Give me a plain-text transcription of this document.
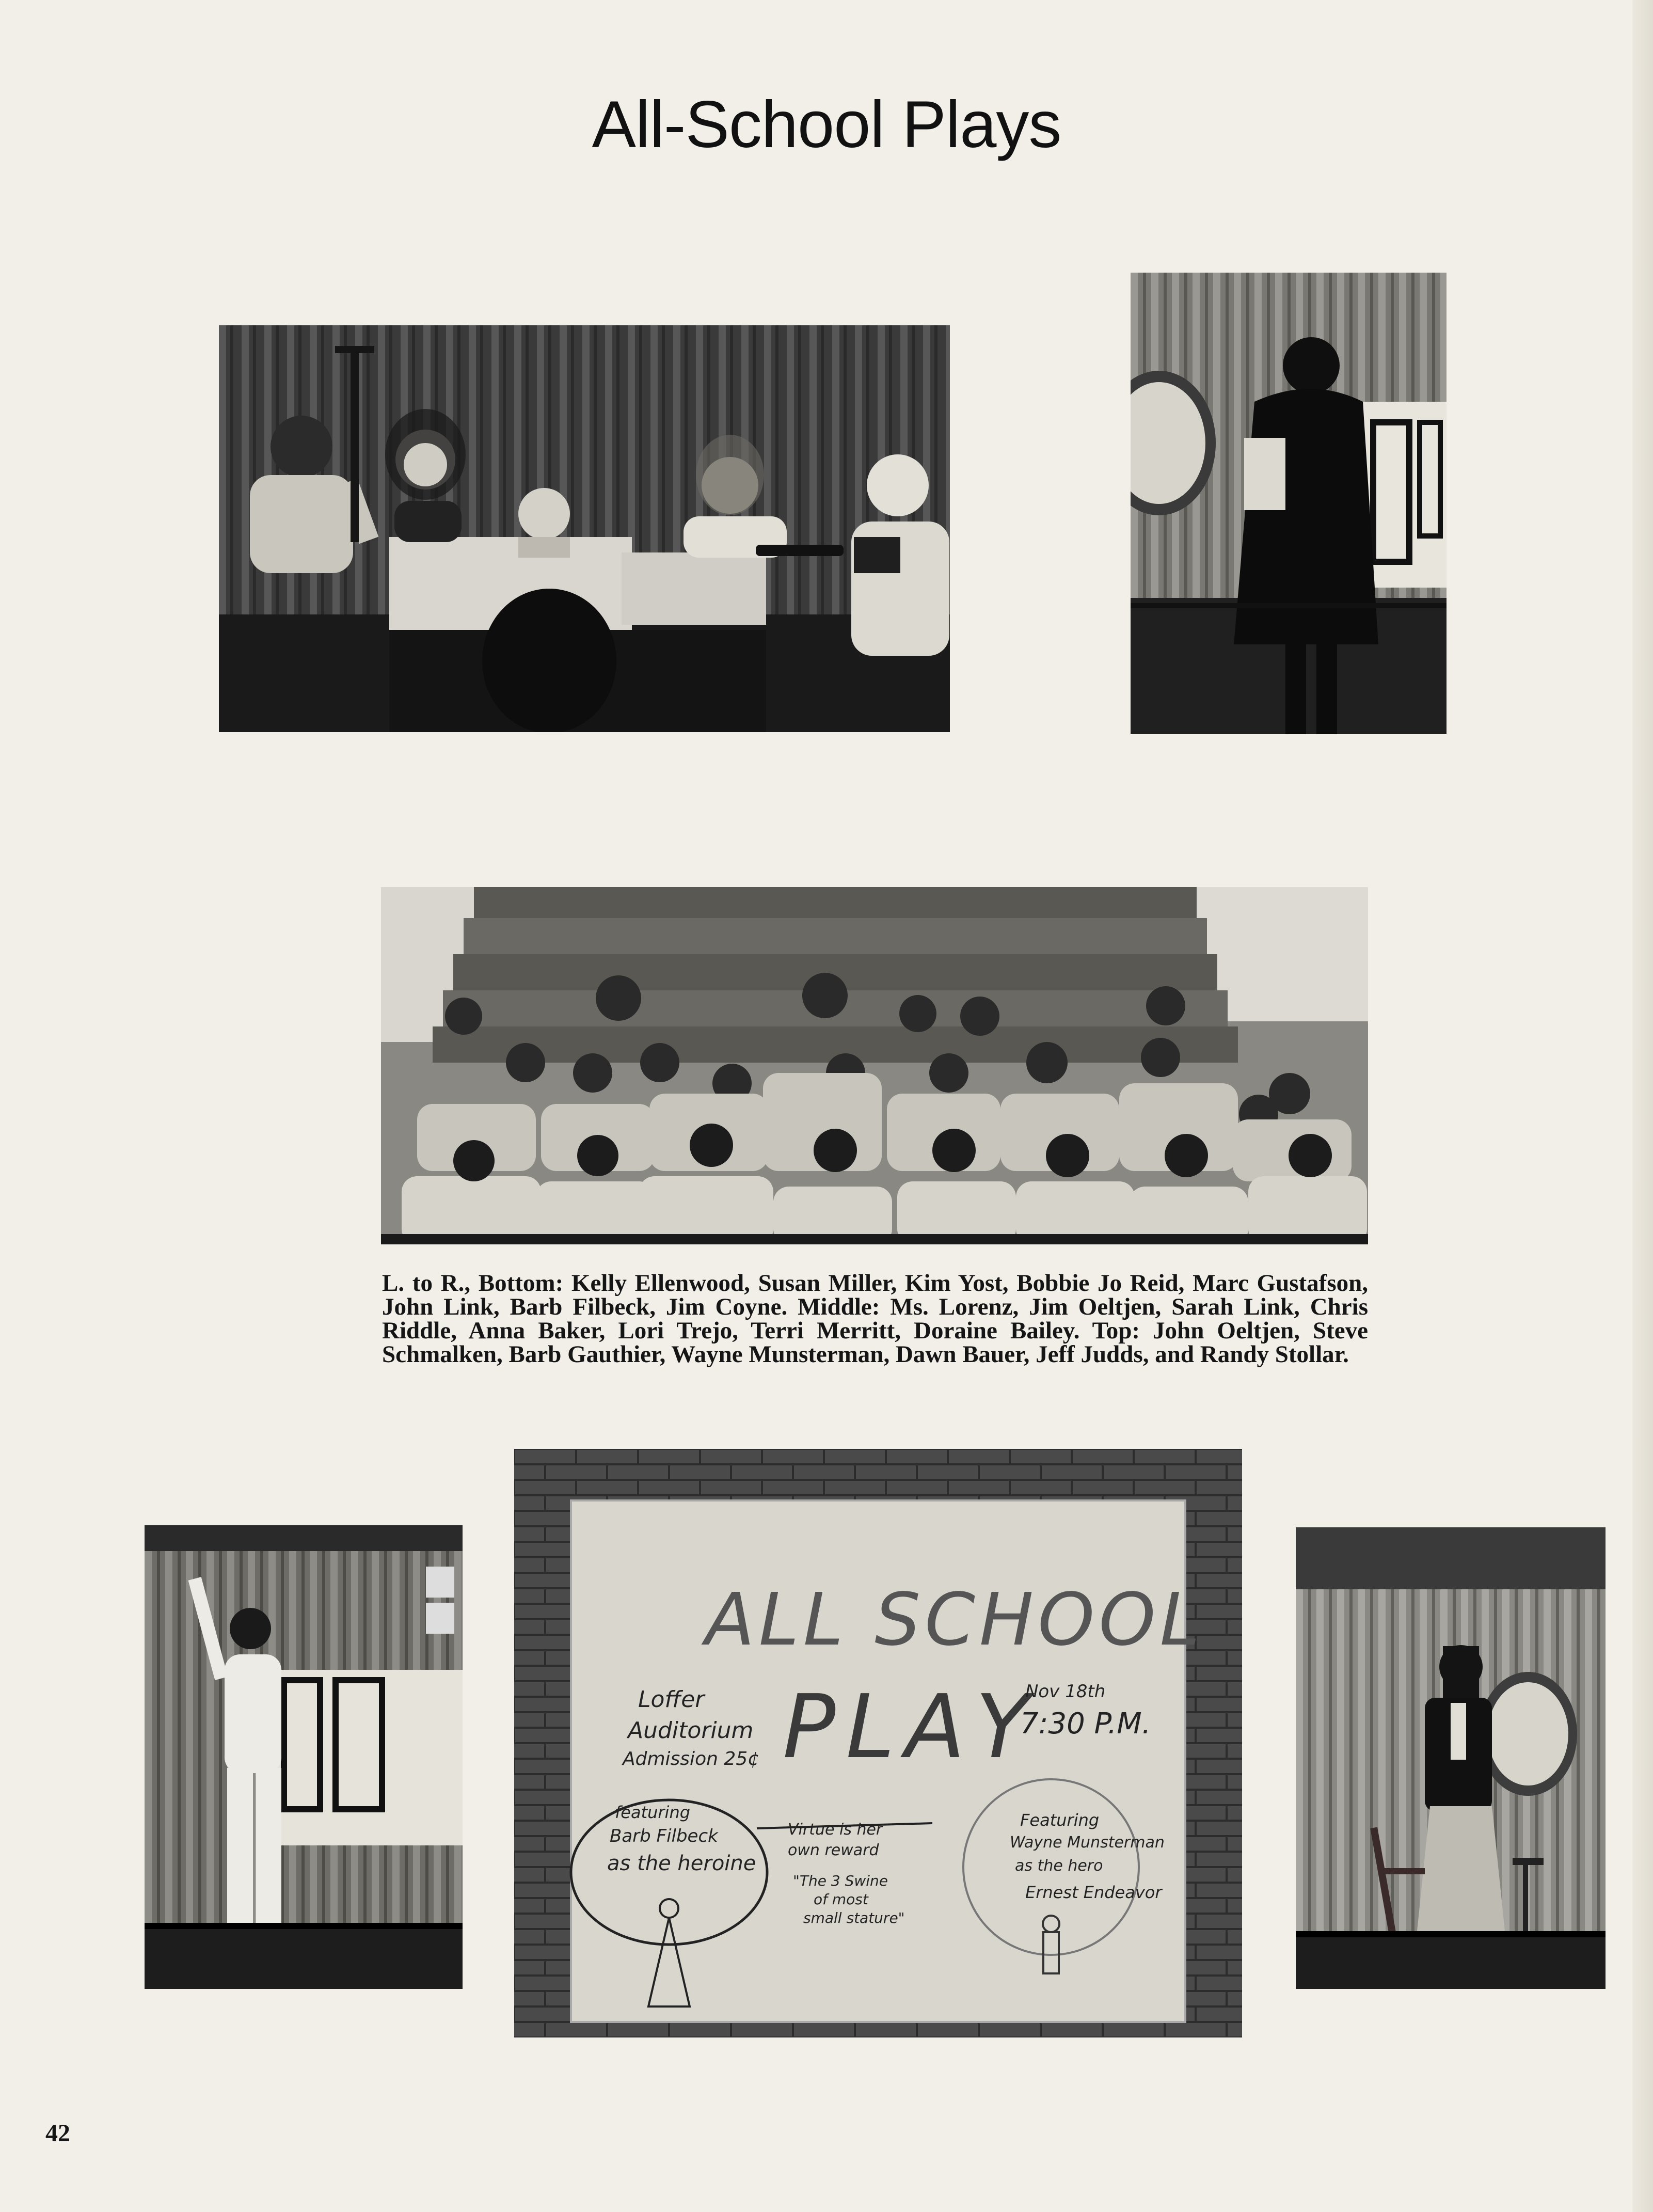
All-School Plays
L. to R., Bottom: Kelly Ellenwood, Susan Miller, Kim Yost, Bobbie Jo Reid, Marc Gustafson, John Link, Barb Filbeck, Jim Coyne. Middle: Ms. Lorenz, Jim Oeltjen, Sarah Link, Chris Riddle, Anna Baker, Lori Trejo, Terri Merritt, Doraine Bailey. Top: John Oeltjen, Steve Schmalken, Barb Gauthier, Wayne Munsterman, Dawn Bauer, Jeff Judds, and Randy Stollar.
ALL SCHOOL
PLAY
Loffer
Auditorium
Admission 25¢
Nov 18th
7:30 P.M.
featuring
Barb Filbeck
as the heroine
Virtue is her
own reward
"The 3 Swine
of most
small stature"
Featuring
Wayne Munsterman
as the hero
Ernest Endeavor
42
